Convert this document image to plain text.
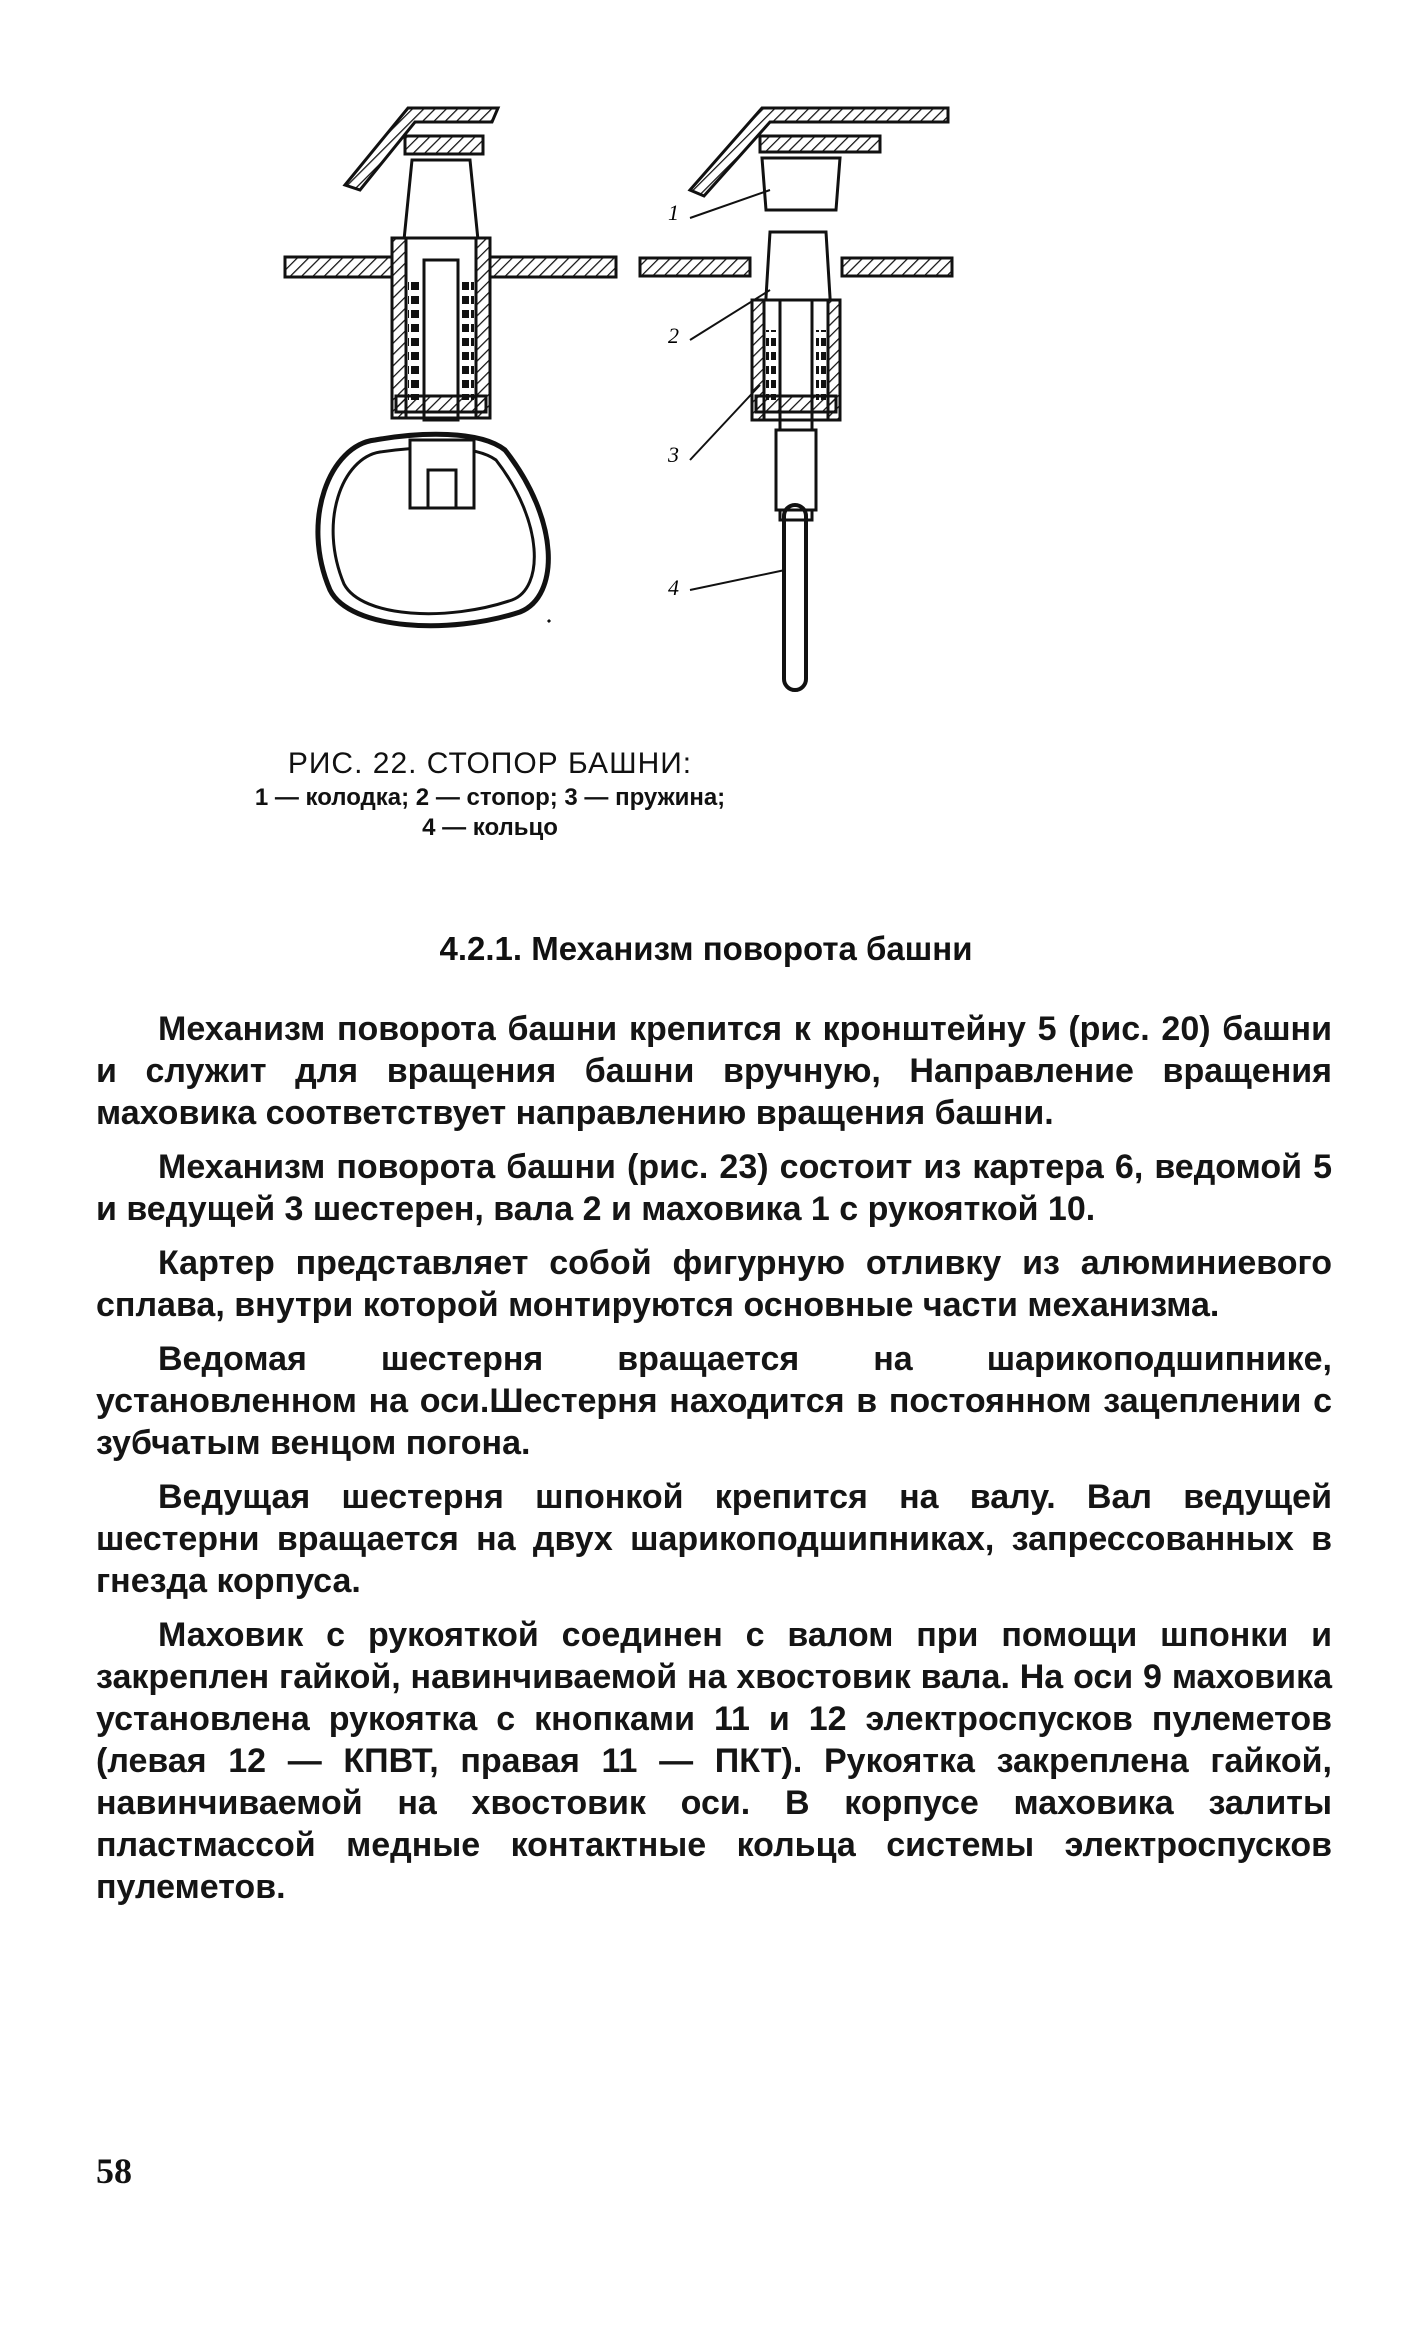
1
2
3
4
РИС. 22. СТОПОР БАШНИ:
1 — колодка; 2 — стопор; 3 — пружина;
4 — кольцо
4.2.1. Механизм поворота башни

Механизм поворота башни крепится к кронштейну 5 (рис. 20) башни и служит для вращения башни вручную, Направление вращения маховика соответствует направлению вращения башни.

Механизм поворота башни (рис. 23) состоит из картера 6, ведомой 5 и ведущей 3 шестерен, вала 2 и маховика 1 с рукояткой 10.

Картер представляет собой фигурную отливку из алюминиевого сплава, внутри которой монтируются основные части механизма.

Ведомая шестерня вращается на шарикоподшипнике, установленном на оси.Шестерня находится в постоянном зацеплении с зубчатым венцом погона.

Ведущая шестерня шпонкой крепится на валу. Вал ведущей шестерни вращается на двух шарикоподшипниках, запрессованных в гнезда корпуса.

Маховик с рукояткой соединен с валом при помощи шпонки и закреплен гайкой, навинчиваемой на хвостовик вала. На оси 9 маховика установлена рукоятка с кнопками 11 и 12 электроспусков пулеметов (левая 12 — КПВТ, правая 11 — ПКТ). Рукоятка закреплена гайкой, навинчиваемой на хвостовик оси. В корпусе маховика залиты пластмассой медные контактные кольца системы электроспусков пулеметов.

58
